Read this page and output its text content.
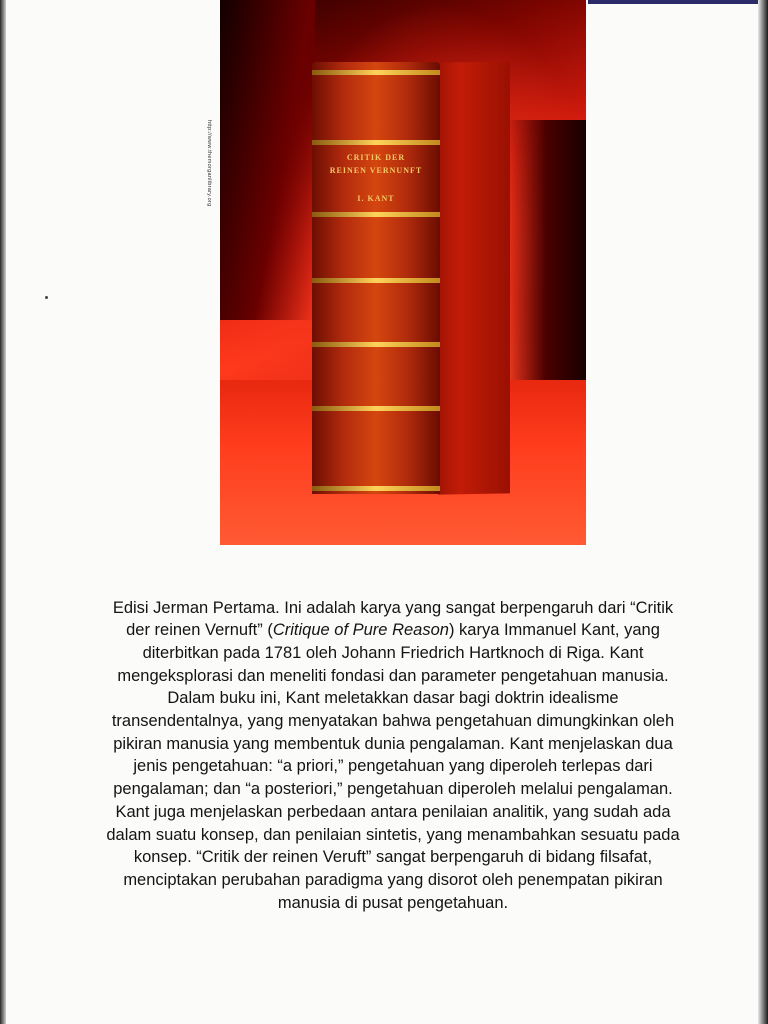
http://www.themorganlibrary.org	CRITIK DER
REINEN VERNUNFT
I. KANT

Edisi Jerman Pertama. Ini adalah karya yang sangat berpengaruh dari “Critik der reinen Vernuft” (Critique of Pure Reason) karya Immanuel Kant, yang diterbitkan pada 1781 oleh Johann Friedrich Hartknoch di Riga. Kant mengeksplorasi dan meneliti fondasi dan parameter pengetahuan manusia. Dalam buku ini, Kant meletakkan dasar bagi doktrin idealisme transendentalnya, yang menyatakan bahwa pengetahuan dimungkinkan oleh pikiran manusia yang membentuk dunia pengalaman. Kant menjelaskan dua jenis pengetahuan: “a priori,” pengetahuan yang diperoleh terlepas dari pengalaman; dan “a posteriori,” pengetahuan diperoleh melalui pengalaman. Kant juga menjelaskan perbedaan antara penilaian analitik, yang sudah ada dalam suatu konsep, dan penilaian sintetis, yang menambahkan sesuatu pada konsep. “Critik der reinen Veruft” sangat berpengaruh di bidang filsafat, menciptakan perubahan paradigma yang disorot oleh penempatan pikiran manusia di pusat pengetahuan.
